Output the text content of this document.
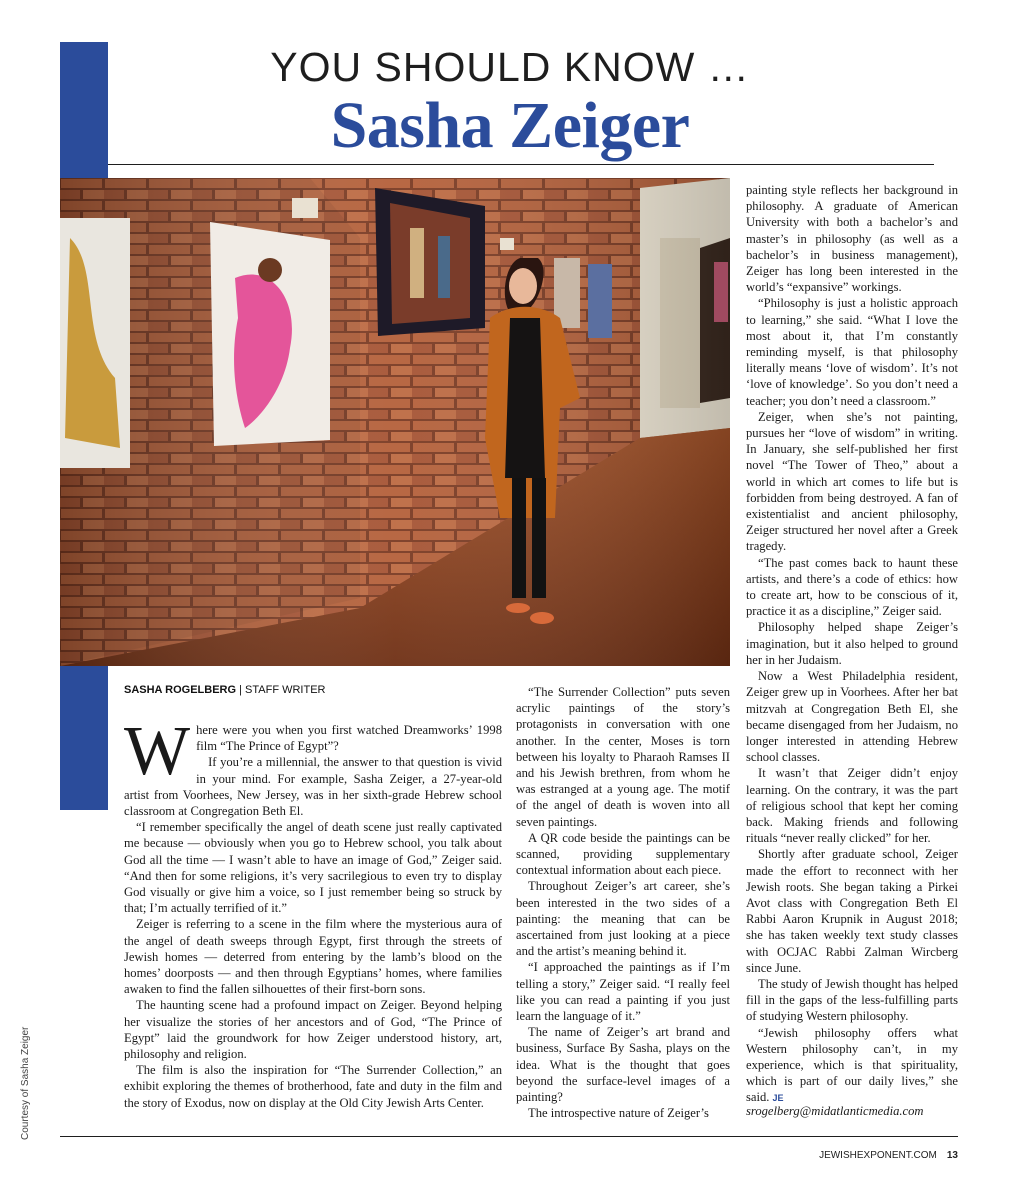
YOU SHOULD KNOW …
Sasha Zeiger
Courtesy of Sasha Zeiger
SASHA ROGELBERG | STAFF WRITER
W here were you when you first watched Dreamworks’ 1998 film “The Prince of Egypt”?

If you’re a millennial, the answer to that question is vivid in your mind. For example, Sasha Zeiger, a 27-year-old artist from Voorhees, New Jersey, was in her sixth-grade Hebrew school classroom at Congregation Beth El.

“I remember specifically the angel of death scene just really captivated me because — obviously when you go to Hebrew school, you talk about God all the time — I wasn’t able to have an image of God,” Zeiger said. “And then for some religions, it’s very sacrilegious to even try to display God visually or give him a voice, so I just remember being so struck by that; I’m actually terrified of it.”

Zeiger is referring to a scene in the film where the mysterious aura of the angel of death sweeps through Egypt, first through the streets of Jewish homes — deterred from entering by the lamb’s blood on the homes’ doorposts — and then through Egyptians’ homes, where families awaken to find the fallen silhouettes of their first-born sons.

The haunting scene had a profound impact on Zeiger. Beyond helping her visualize the stories of her ancestors and of God, “The Prince of Egypt” laid the groundwork for how Zeiger understood history, art, philosophy and religion.

The film is also the inspiration for “The Surrender Collection,” an exhibit exploring the themes of brotherhood, fate and duty in the film and the story of Exodus, now on display at the Old City Jewish Arts Center.

“The Surrender Collection” puts seven acrylic paintings of the story’s protagonists in conversation with one another. In the center, Moses is torn between his loyalty to Pharaoh Ramses II and his Jewish brethren, from whom he was estranged at a young age. The motif of the angel of death is woven into all seven paintings.

A QR code beside the paintings can be scanned, providing supplementary contextual information about each piece.

Throughout Zeiger’s art career, she’s been interested in the two sides of a painting: the meaning that can be ascertained from just looking at a piece and the artist’s meaning behind it.

“I approached the paintings as if I’m telling a story,” Zeiger said. “I really feel like you can read a painting if you just learn the language of it.”

The name of Zeiger’s art brand and business, Surface By Sasha, plays on the idea. What is the thought that goes beyond the surface-level images of a painting?

The introspective nature of Zeiger’s

painting style reflects her background in philosophy. A graduate of American University with both a bachelor’s and master’s in philosophy (as well as a bachelor’s in business management), Zeiger has long been interested in the world’s “expansive” workings.

“Philosophy is just a holistic approach to learning,” she said. “What I love the most about it, that I’m constantly reminding myself, is that philosophy literally means ‘love of wisdom’. It’s not ‘love of knowledge’. So you don’t need a teacher; you don’t need a classroom.”

Zeiger, when she’s not painting, pursues her “love of wisdom” in writing. In January, she self-published her first novel “The Tower of Theo,” about a world in which art comes to life but is forbidden from being destroyed. A fan of existentialist and ancient philosophy, Zeiger structured her novel after a Greek tragedy.

“The past comes back to haunt these artists, and there’s a code of ethics: how to create art, how to be conscious of it, practice it as a discipline,” Zeiger said.

Philosophy helped shape Zeiger’s imagination, but it also helped to ground her in her Judaism.

Now a West Philadelphia resident, Zeiger grew up in Voorhees. After her bat mitzvah at Congregation Beth El, she became disengaged from her Judaism, no longer interested in attending Hebrew school classes.

It wasn’t that Zeiger didn’t enjoy learning. On the contrary, it was the part of religious school that kept her coming back. Making friends and following rituals “never really clicked” for her.

Shortly after graduate school, Zeiger made the effort to reconnect with her Jewish roots. She began taking a Pirkei Avot class with Congregation Beth El Rabbi Aaron Krupnik in August 2018; she has taken weekly text study classes with OCJAC Rabbi Zalman Wircberg since June.

The study of Jewish thought has helped fill in the gaps of the less-fulfilling parts of studying Western philosophy.

“Jewish philosophy offers what Western philosophy can’t, in my experience, which is that spirituality, which is part of our daily lives,” she said. JE

srogelberg@midatlanticmedia.com
JEWISHEXPONENT.COM 13
